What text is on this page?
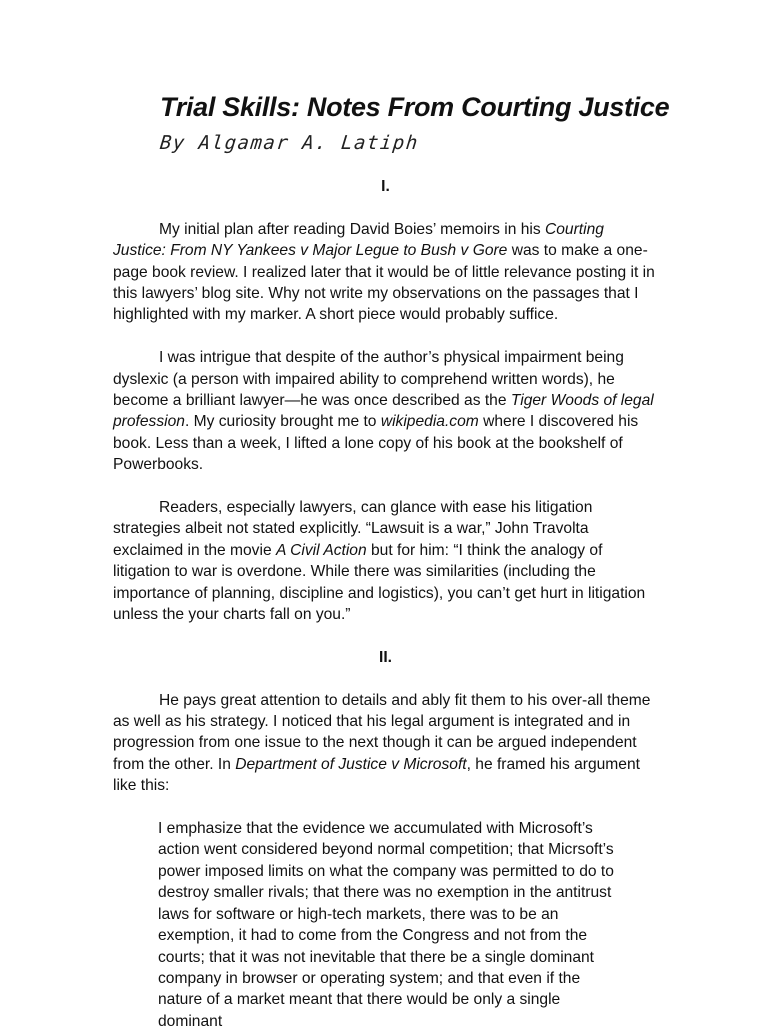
Trial Skills: Notes From Courting Justice
By Algamar A. Latiph
I.

My initial plan after reading David Boies’ memoirs in his Courting Justice: From NY Yankees v Major Legue to Bush v Gore was to make a one-page book review. I realized later that it would be of little relevance posting it in this lawyers’ blog site. Why not write my observations on the passages that I highlighted with my marker. A short piece would probably suffice.

I was intrigue that despite of the author’s physical impairment being dyslexic (a person with impaired ability to comprehend written words), he become a brilliant lawyer—he was once described as the Tiger Woods of legal profession. My curiosity brought me to wikipedia.com where I discovered his book. Less than a week, I lifted a lone copy of his book at the bookshelf of Powerbooks.

Readers, especially lawyers, can glance with ease his litigation strategies albeit not stated explicitly. “Lawsuit is a war,” John Travolta exclaimed in the movie A Civil Action but for him: “I think the analogy of litigation to war is overdone. While there was similarities (including the importance of planning, discipline and logistics), you can’t get hurt in litigation unless the your charts fall on you.”

II.

He pays great attention to details and ably fit them to his over-all theme as well as his strategy. I noticed that his legal argument is integrated and in progression from one issue to the next though it can be argued independent from the other. In Department of Justice v Microsoft, he framed his argument like this:

I emphasize that the evidence we accumulated with Microsoft’s action went considered beyond normal competition; that Micrsoft’s power imposed limits on what the company was permitted to do to destroy smaller rivals; that there was no exemption in the antitrust laws for software or high-tech markets, there was to be an exemption, it had to come from the Congress and not from the courts; that it was not inevitable that there be a single dominant company in browser or operating system; and that even if the nature of a market meant that there would be only a single dominant
